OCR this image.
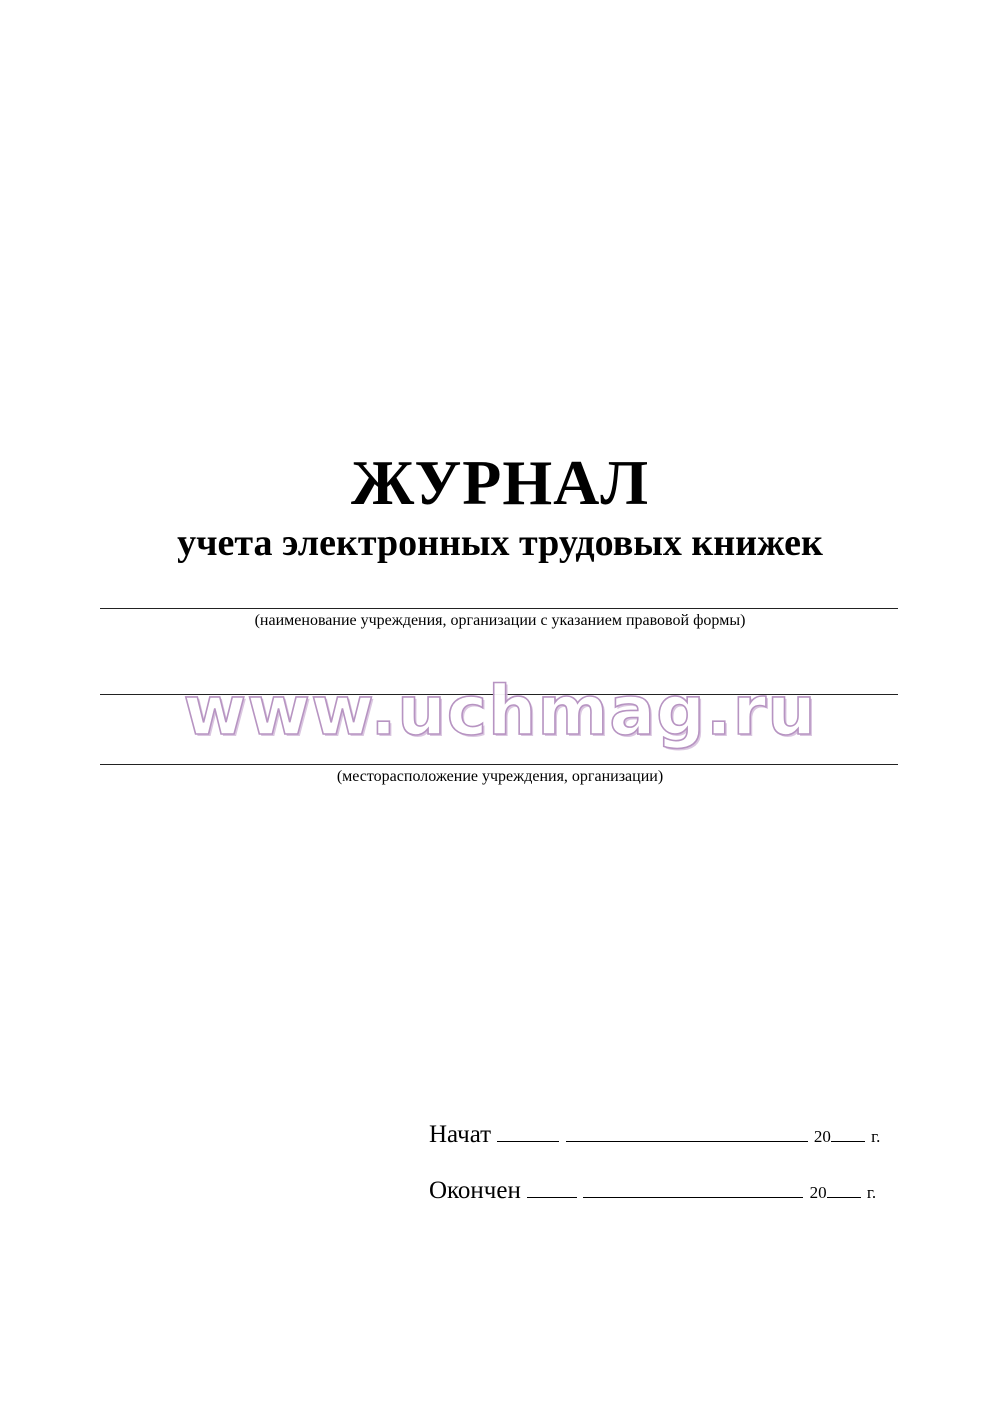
ЖУРНАЛ
учета электронных трудовых книжек
(наименование учреждения, организации с указанием правовой формы)
www.uchmag.ru
(месторасположение учреждения, организации)
Начат	20 г.
Окончен	20 г.
